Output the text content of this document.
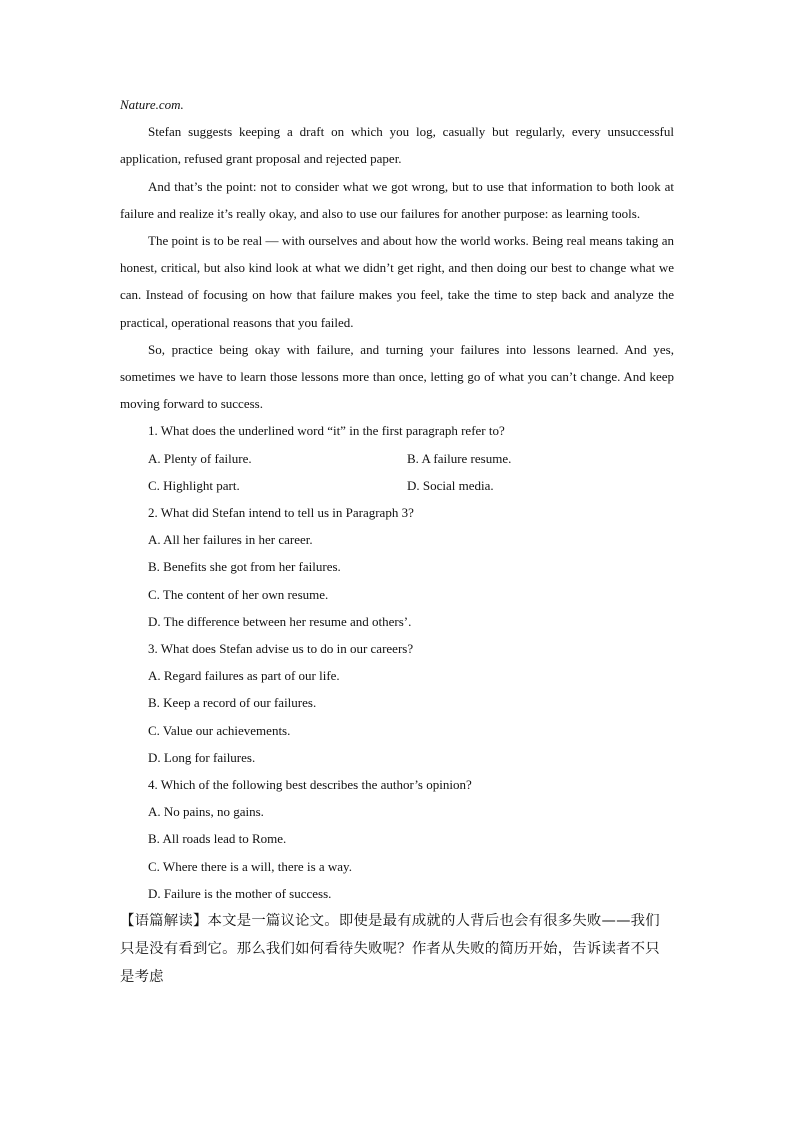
Nature.com.

Stefan suggests keeping a draft on which you log, casually but regularly, every unsuccessful application, refused grant proposal and rejected paper.

And that’s the point: not to consider what we got wrong, but to use that information to both look at failure and realize it’s really okay, and also to use our failures for another purpose: as learning tools.

The point is to be real — with ourselves and about how the world works. Being real means taking an honest, critical, but also kind look at what we didn’t get right, and then doing our best to change what we can. Instead of focusing on how that failure makes you feel, take the time to step back and analyze the practical, operational reasons that you failed.

So, practice being okay with failure, and turning your failures into lessons learned. And yes, sometimes we have to learn those lessons more than once, letting go of what you can’t change. And keep moving forward to success.

1. What does the underlined word “it” in the first paragraph refer to?

A. Plenty of failure.	B. A failure resume.
C. Highlight part.	D. Social media.

2. What did Stefan intend to tell us in Paragraph 3?

A. All her failures in her career.

B. Benefits she got from her failures.

C. The content of her own resume.

D. The difference between her resume and others’.

3. What does Stefan advise us to do in our careers?

A. Regard failures as part of our life.

B. Keep a record of our failures.

C. Value our achievements.

D. Long for failures.

4. Which of the following best describes the author’s opinion?

A. No pains, no gains.

B. All roads lead to Rome.

C. Where there is a will, there is a way.

D. Failure is the mother of success.

【语篇解读】本文是一篇议论文。即使是最有成就的人背后也会有很多失败——我们

只是没有看到它。那么我们如何看待失败呢？作者从失败的简历开始，告诉读者不只是考虑
